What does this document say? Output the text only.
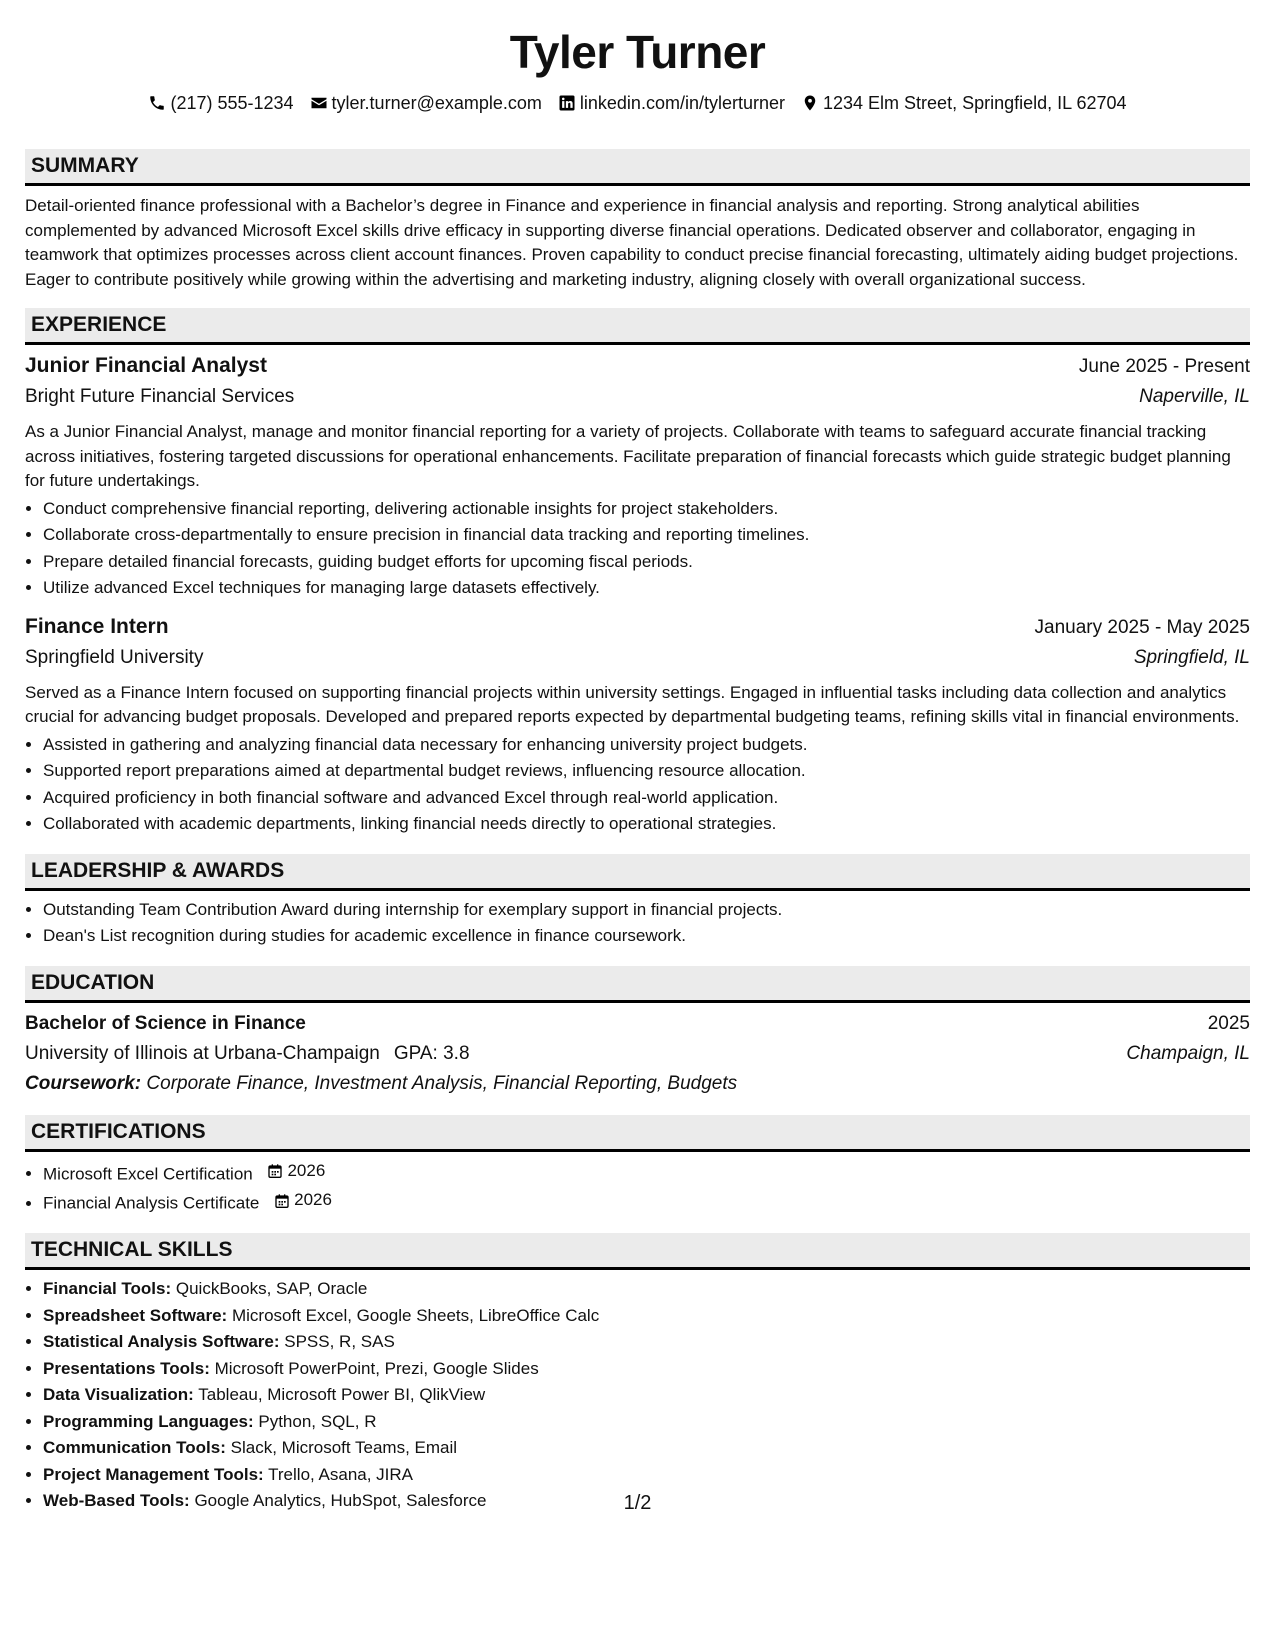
Tyler Turner
(217) 555-1234 tyler.turner@example.com linkedin.com/in/tylerturner 1234 Elm Street, Springfield, IL 62704
SUMMARY
Detail-oriented finance professional with a Bachelor’s degree in Finance and experience in financial analysis and reporting. Strong analytical abilities complemented by advanced Microsoft Excel skills drive efficacy in supporting diverse financial operations. Dedicated observer and collaborator, engaging in teamwork that optimizes processes across client account finances. Proven capability to conduct precise financial forecasting, ultimately aiding budget projections. Eager to contribute positively while growing within the advertising and marketing industry, aligning closely with overall organizational success.
EXPERIENCE
Junior Financial Analyst	June 2025 - Present
Bright Future Financial Services	Naperville, IL
As a Junior Financial Analyst, manage and monitor financial reporting for a variety of projects. Collaborate with teams to safeguard accurate financial tracking across initiatives, fostering targeted discussions for operational enhancements. Facilitate preparation of financial forecasts which guide strategic budget planning for future undertakings.
• Conduct comprehensive financial reporting, delivering actionable insights for project stakeholders.
• Collaborate cross-departmentally to ensure precision in financial data tracking and reporting timelines.
• Prepare detailed financial forecasts, guiding budget efforts for upcoming fiscal periods.
• Utilize advanced Excel techniques for managing large datasets effectively.
Finance Intern	January 2025 - May 2025
Springfield University	Springfield, IL
Served as a Finance Intern focused on supporting financial projects within university settings. Engaged in influential tasks including data collection and analytics crucial for advancing budget proposals. Developed and prepared reports expected by departmental budgeting teams, refining skills vital in financial environments.
• Assisted in gathering and analyzing financial data necessary for enhancing university project budgets.
• Supported report preparations aimed at departmental budget reviews, influencing resource allocation.
• Acquired proficiency in both financial software and advanced Excel through real-world application.
• Collaborated with academic departments, linking financial needs directly to operational strategies.
LEADERSHIP & AWARDS
• Outstanding Team Contribution Award during internship for exemplary support in financial projects.
• Dean's List recognition during studies for academic excellence in finance coursework.
EDUCATION
Bachelor of Science in Finance	2025
University of Illinois at Urbana-Champaign GPA: 3.8	Champaign, IL
Coursework: Corporate Finance, Investment Analysis, Financial Reporting, Budgets
CERTIFICATIONS
• Microsoft Excel Certification 2026
• Financial Analysis Certificate 2026
TECHNICAL SKILLS
• Financial Tools: QuickBooks, SAP, Oracle
• Spreadsheet Software: Microsoft Excel, Google Sheets, LibreOffice Calc
• Statistical Analysis Software: SPSS, R, SAS
• Presentations Tools: Microsoft PowerPoint, Prezi, Google Slides
• Data Visualization: Tableau, Microsoft Power BI, QlikView
• Programming Languages: Python, SQL, R
• Communication Tools: Slack, Microsoft Teams, Email
• Project Management Tools: Trello, Asana, JIRA
• Web-Based Tools: Google Analytics, HubSpot, Salesforce	1/2
